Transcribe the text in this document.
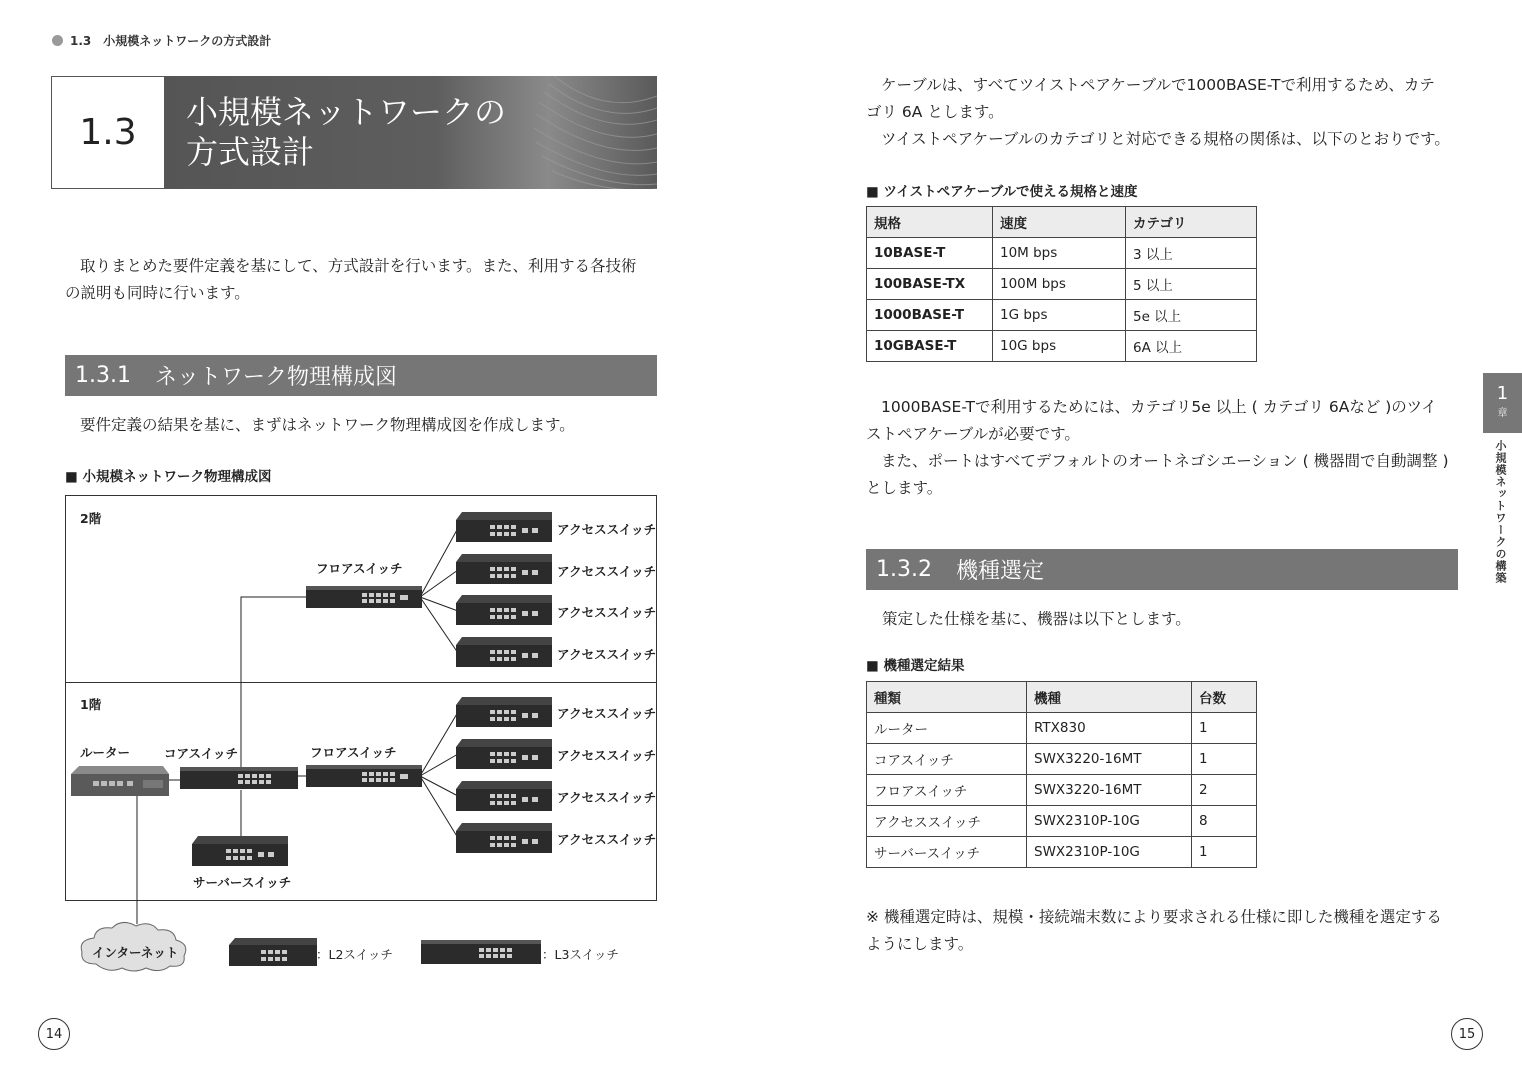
1.3　小規模ネットワークの方式設計
1.3	小規模ネットワークの
方式設計

取りまとめた要件定義を基にして、方式設計を行います。また、利用する各技術

の説明も同時に行います。

1.3.1 ネットワーク物理構成図
要件定義の結果を基に、まずはネットワーク物理構成図を作成します。
■ 小規模ネットワーク物理構成図
2階
1階
フロアスイッチ
フロアスイッチ
ルーター	コアスイッチ
サーバースイッチ
アクセススイッチ
アクセススイッチ
アクセススイッチ
アクセススイッチ
アクセススイッチ
アクセススイッチ
アクセススイッチ
アクセススイッチ
インターネット	：L2スイッチ	：L3スイッチ

ケーブルは、すべてツイストペアケーブルで1000BASE-Tで利用するため、カテ

ゴリ 6A とします。

ツイストペアケーブルのカテゴリと対応できる規格の関係は、以下のとおりです。

■ ツイストペアケーブルで使える規格と速度
規格	速度	カテゴリ
10BASE-T	10M bps	3 以上
100BASE-TX	100M bps	5 以上
1000BASE-T	1G bps	5e 以上
10GBASE-T	10G bps	6A 以上

1000BASE-Tで利用するためには、カテゴリ5e 以上 ( カテゴリ 6Aなど )のツイ

ストペアケーブルが必要です。

また、ポートはすべてデフォルトのオートネゴシエーション ( 機器間で自動調整 )

とします。

1.3.2 機種選定
策定した仕様を基に、機器は以下とします。
■ 機種選定結果
種類	機種	台数
ルーター	RTX830	1
コアスイッチ	SWX3220-16MT	1
フロアスイッチ	SWX3220-16MT	2
アクセススイッチ	SWX2310P-10G	8
サーバースイッチ	SWX2310P-10G	1

※ 機種選定時は、規模・接続端末数により要求される仕様に即した機種を選定する

ようにします。

1
章
小規模ネットワークの構築
14	15
